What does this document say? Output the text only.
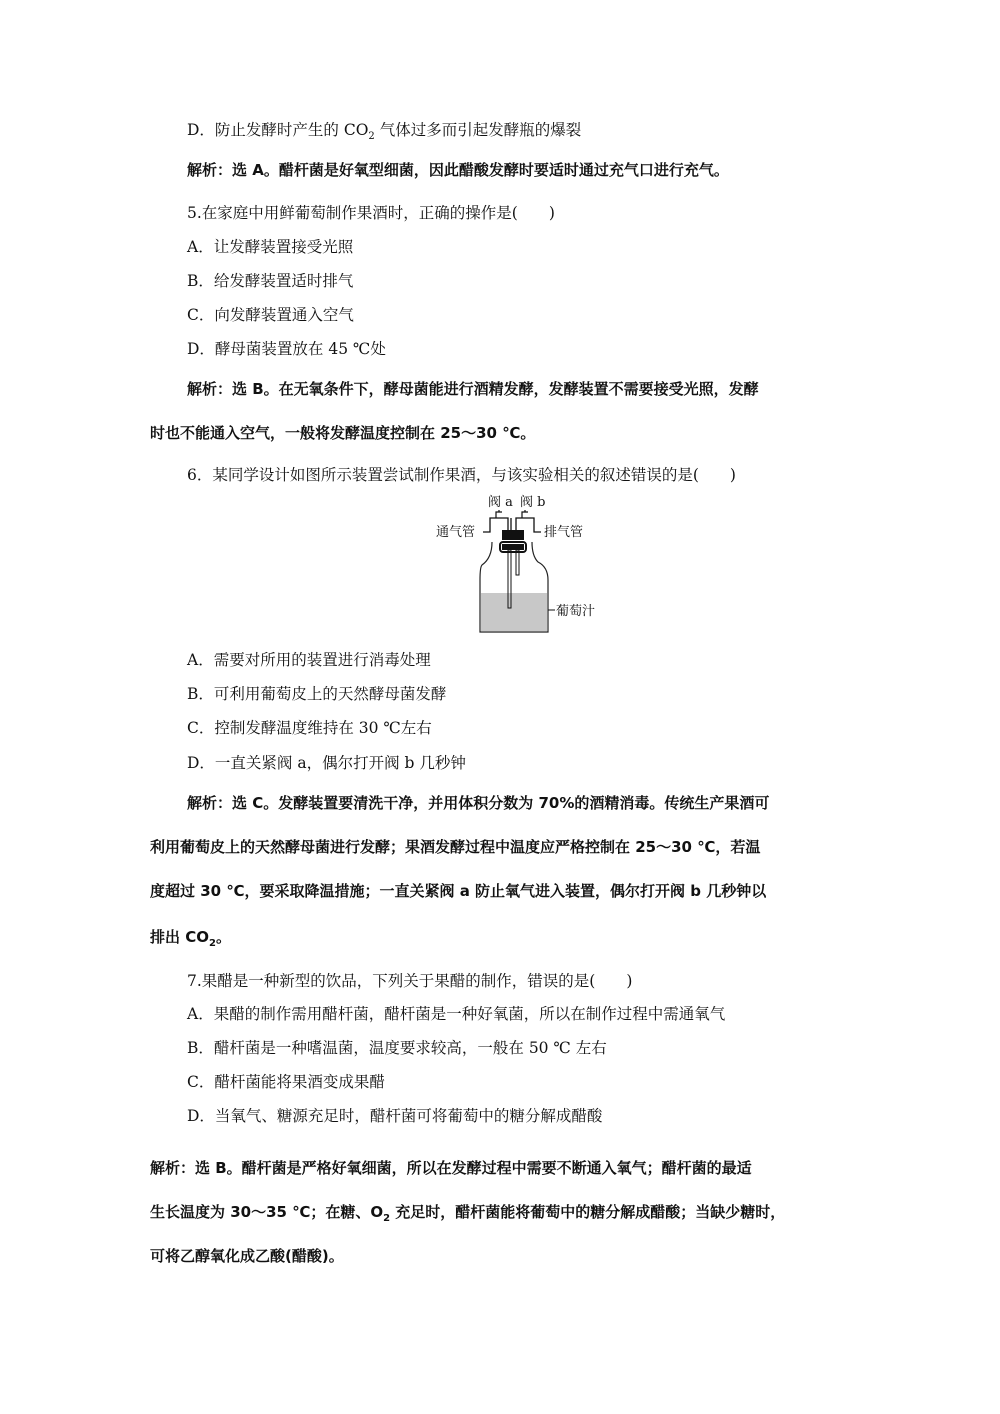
D．防止发酵时产生的 $CO_2$ 气体过多而引起发酵瓶的爆裂
解析：选 A。醋杆菌是好氧型细菌，因此醋酸发酵时要适时通过充气口进行充气。
5.在家庭中用鲜葡萄制作果酒时，正确的操作是(　　)
A．让发酵装置接受光照
B．给发酵装置适时排气
C．向发酵装置通入空气
D．酵母菌装置放在 45 ℃处
解析：选 B。在无氧条件下，酵母菌能进行酒精发酵，发酵装置不需要接受光照，发酵
时也不能通入空气，一般将发酵温度控制在 25～30 ℃。
6．某同学设计如图所示装置尝试制作果酒，与该实验相关的叙述错误的是(　　)
阀 a 阀 b
通气管	排气管
葡萄汁
A．需要对所用的装置进行消毒处理
B．可利用葡萄皮上的天然酵母菌发酵
C．控制发酵温度维持在 30 ℃左右
D．一直关紧阀 a，偶尔打开阀 b 几秒钟
解析：选 C。发酵装置要清洗干净，并用体积分数为 70%的酒精消毒。传统生产果酒可
利用葡萄皮上的天然酵母菌进行发酵；果酒发酵过程中温度应严格控制在 25～30 ℃，若温
度超过 30 ℃，要采取降温措施；一直关紧阀 a 防止氧气进入装置，偶尔打开阀 b 几秒钟以
排出 $CO_2$。
7.果醋是一种新型的饮品，下列关于果醋的制作，错误的是(　　)
A．果醋的制作需用醋杆菌，醋杆菌是一种好氧菌，所以在制作过程中需通氧气
B．醋杆菌是一种嗜温菌，温度要求较高，一般在 50 ℃ 左右
C．醋杆菌能将果酒变成果醋
D．当氧气、糖源充足时，醋杆菌可将葡萄中的糖分解成醋酸
解析：选 B。醋杆菌是严格好氧细菌，所以在发酵过程中需要不断通入氧气；醋杆菌的最适
生长温度为 30～35 ℃；在糖、$O_2$ 充足时，醋杆菌能将葡萄中的糖分解成醋酸；当缺少糖时，
可将乙醇氧化成乙酸(醋酸)。
